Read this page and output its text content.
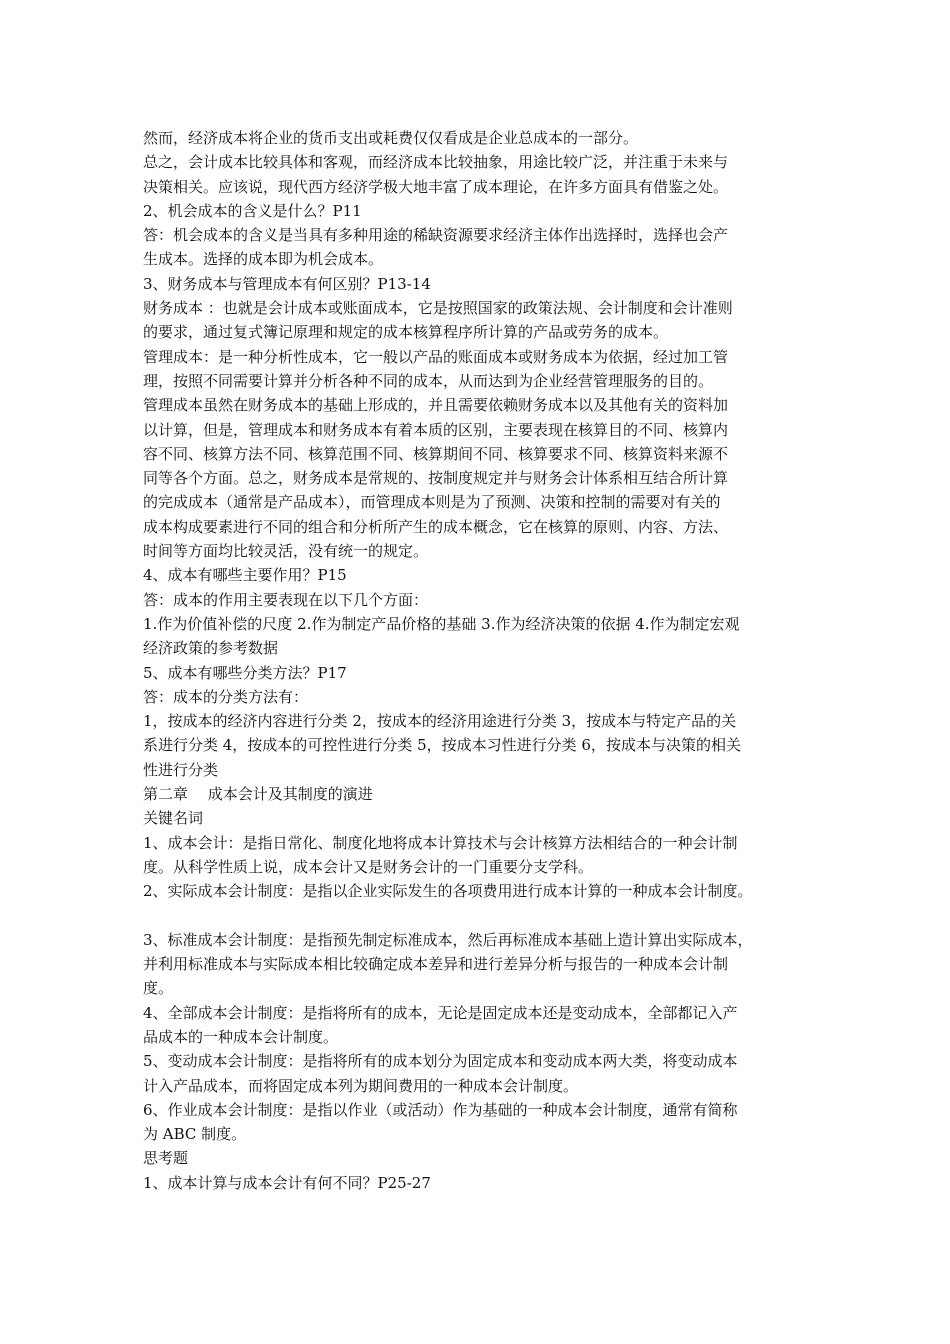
然而，经济成本将企业的货币支出或耗费仅仅看成是企业总成本的一部分。

总之，会计成本比较具体和客观，而经济成本比较抽象，用途比较广泛，并注重于未来与

决策相关。应该说，现代西方经济学极大地丰富了成本理论，在许多方面具有借鉴之处。

2、机会成本的含义是什么？P11

答：机会成本的含义是当具有多种用途的稀缺资源要求经济主体作出选择时，选择也会产

生成本。选择的成本即为机会成本。

3、财务成本与管理成本有何区别？P13-14

财务成本 ：也就是会计成本或账面成本，它是按照国家的政策法规、会计制度和会计准则

的要求，通过复式簿记原理和规定的成本核算程序所计算的产品或劳务的成本。

管理成本：是一种分析性成本，它一般以产品的账面成本或财务成本为依据，经过加工管

理，按照不同需要计算并分析各种不同的成本，从而达到为企业经营管理服务的目的。

管理成本虽然在财务成本的基础上形成的，并且需要依赖财务成本以及其他有关的资料加

以计算，但是，管理成本和财务成本有着本质的区别，主要表现在核算目的不同、核算内

容不同、核算方法不同、核算范围不同、核算期间不同、核算要求不同、核算资料来源不

同等各个方面。总之，财务成本是常规的、按制度规定并与财务会计体系相互结合所计算

的完成成本（通常是产品成本），而管理成本则是为了预测、决策和控制的需要对有关的

成本构成要素进行不同的组合和分析所产生的成本概念，它在核算的原则、内容、方法、

时间等方面均比较灵活，没有统一的规定。

4、成本有哪些主要作用？P15

答：成本的作用主要表现在以下几个方面：

1.作为价值补偿的尺度 2.作为制定产品价格的基础 3.作为经济决策的依据 4.作为制定宏观

经济政策的参考数据

5、成本有哪些分类方法？P17

答：成本的分类方法有：

1，按成本的经济内容进行分类 2，按成本的经济用途进行分类 3，按成本与特定产品的关

系进行分类 4，按成本的可控性进行分类 5，按成本习性进行分类 6，按成本与决策的相关

性进行分类

第二章　 成本会计及其制度的演进

关键名词

1、成本会计：是指日常化、制度化地将成本计算技术与会计核算方法相结合的一种会计制

度。从科学性质上说，成本会计又是财务会计的一门重要分支学科。

2、实际成本会计制度：是指以企业实际发生的各项费用进行成本计算的一种成本会计制度。

3、标准成本会计制度：是指预先制定标准成本，然后再标准成本基础上造计算出实际成本，

并利用标准成本与实际成本相比较确定成本差异和进行差异分析与报告的一种成本会计制

度。

4、全部成本会计制度：是指将所有的成本，无论是固定成本还是变动成本，全部都记入产

品成本的一种成本会计制度。

5、变动成本会计制度：是指将所有的成本划分为固定成本和变动成本两大类，将变动成本

计入产品成本，而将固定成本列为期间费用的一种成本会计制度。

6、作业成本会计制度：是指以作业（或活动）作为基础的一种成本会计制度，通常有简称

为 ABC 制度。

思考题

1、成本计算与成本会计有何不同？P25-27
